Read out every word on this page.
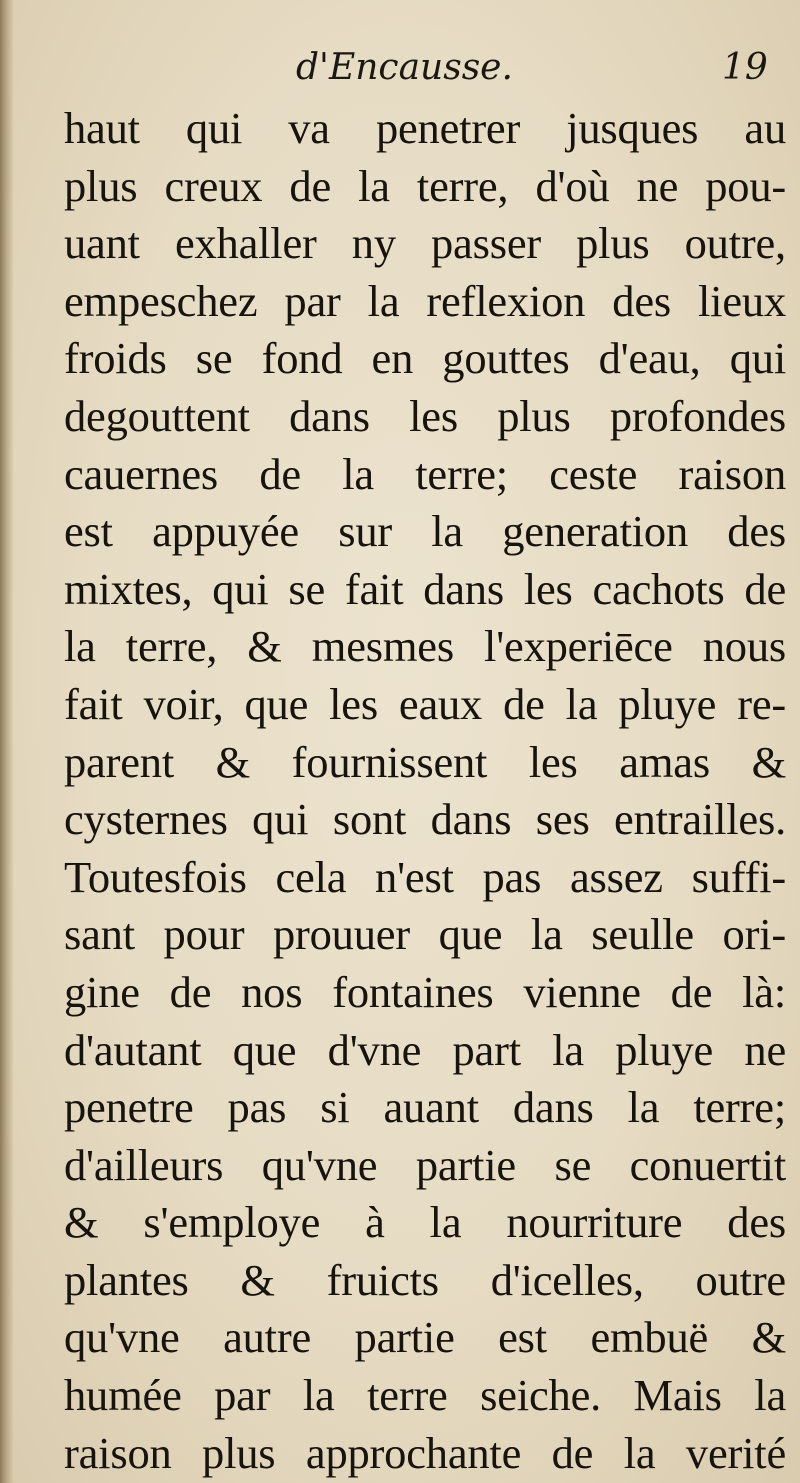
d'Encausse.	19
haut qui va penetrer jusques au
plus creux de la terre, d'où ne pou-
uant exhaller ny passer plus outre,
empeschez par la reflexion des lieux
froids se fond en gouttes d'eau, qui
degouttent dans les plus profondes
cauernes de la terre; ceste raison
est appuyée sur la generation des
mixtes, qui se fait dans les cachots de
la terre, & mesmes l'experiēce nous
fait voir, que les eaux de la pluye re-
parent & fournissent les amas &
cysternes qui sont dans ses entrailles.
Toutesfois cela n'est pas assez suffi-
sant pour prouuer que la seulle ori-
gine de nos fontaines vienne de là:
d'autant que d'vne part la pluye ne
penetre pas si auant dans la terre;
d'ailleurs qu'vne partie se conuertit
& s'employe à la nourriture des
plantes & fruicts d'icelles, outre
qu'vne autre partie est embuë &
humée par la terre seiche. Mais la
raison plus approchante de la verité
